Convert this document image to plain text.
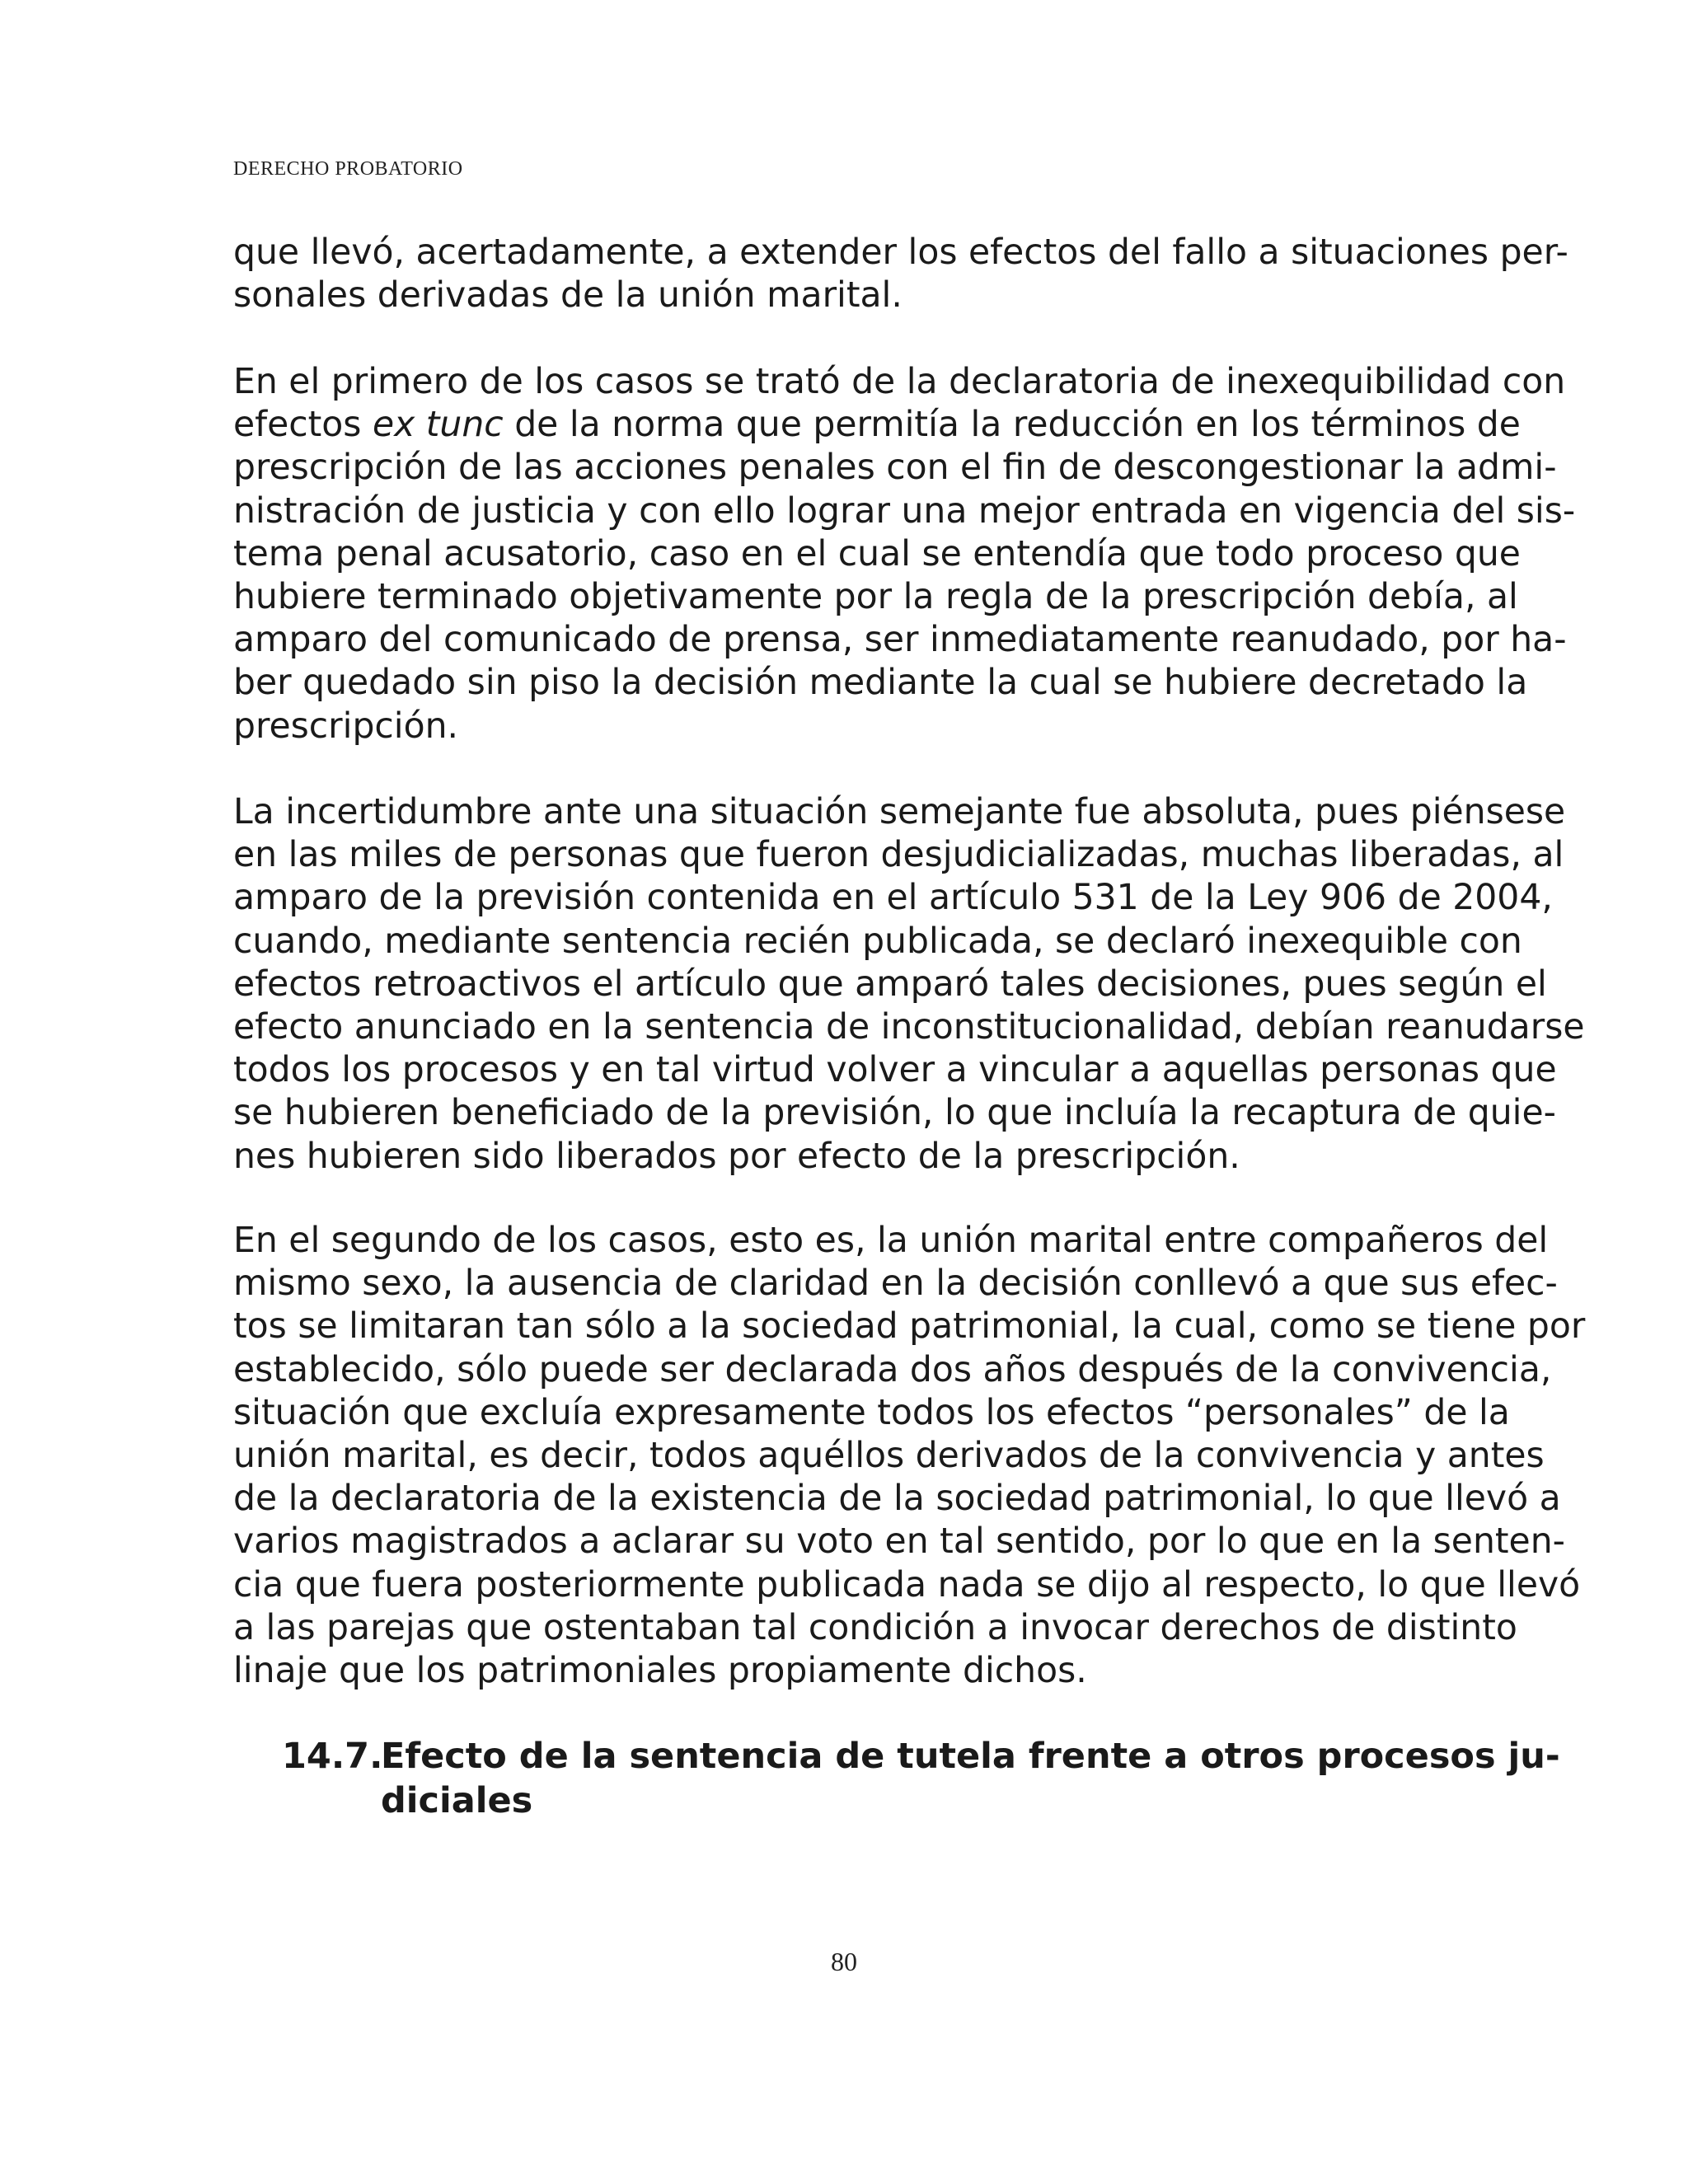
DERECHO PROBATORIO

que llevó, acertadamente, a extender los efectos del fallo a situaciones per-
sonales derivadas de la unión marital.
En el primero de los casos se trató de la declaratoria de inexequibilidad con
efectos ex tunc de la norma que permitía la reducción en los términos de
prescripción de las acciones penales con el fin de descongestionar la admi-
nistración de justicia y con ello lograr una mejor entrada en vigencia del sis-
tema penal acusatorio, caso en el cual se entendía que todo proceso que
hubiere terminado objetivamente por la regla de la prescripción debía, al
amparo del comunicado de prensa, ser inmediatamente reanudado, por ha-
ber quedado sin piso la decisión mediante la cual se hubiere decretado la
prescripción.
La incertidumbre ante una situación semejante fue absoluta, pues piénsese
en las miles de personas que fueron desjudicializadas, muchas liberadas, al
amparo de la previsión contenida en el artículo 531 de la Ley 906 de 2004,
cuando, mediante sentencia recién publicada, se declaró inexequible con
efectos retroactivos el artículo que amparó tales decisiones, pues según el
efecto anunciado en la sentencia de inconstitucionalidad, debían reanudarse
todos los procesos y en tal virtud volver a vincular a aquellas personas que
se hubieren beneficiado de la previsión, lo que incluía la recaptura de quie-
nes hubieren sido liberados por efecto de la prescripción.
En el segundo de los casos, esto es, la unión marital entre compañeros del
mismo sexo, la ausencia de claridad en la decisión conllevó a que sus efec-
tos se limitaran tan sólo a la sociedad patrimonial, la cual, como se tiene por
establecido, sólo puede ser declarada dos años después de la convivencia,
situación que excluía expresamente todos los efectos “personales” de la
unión marital, es decir, todos aquéllos derivados de la convivencia y antes
de la declaratoria de la existencia de la sociedad patrimonial, lo que llevó a
varios magistrados a aclarar su voto en tal sentido, por lo que en la senten-
cia que fuera posteriormente publicada nada se dijo al respecto, lo que llevó
a las parejas que ostentaban tal condición a invocar derechos de distinto
linaje que los patrimoniales propiamente dichos.
14.7.
Efecto de la sentencia de tutela frente a otros procesos ju-
diciales

80
